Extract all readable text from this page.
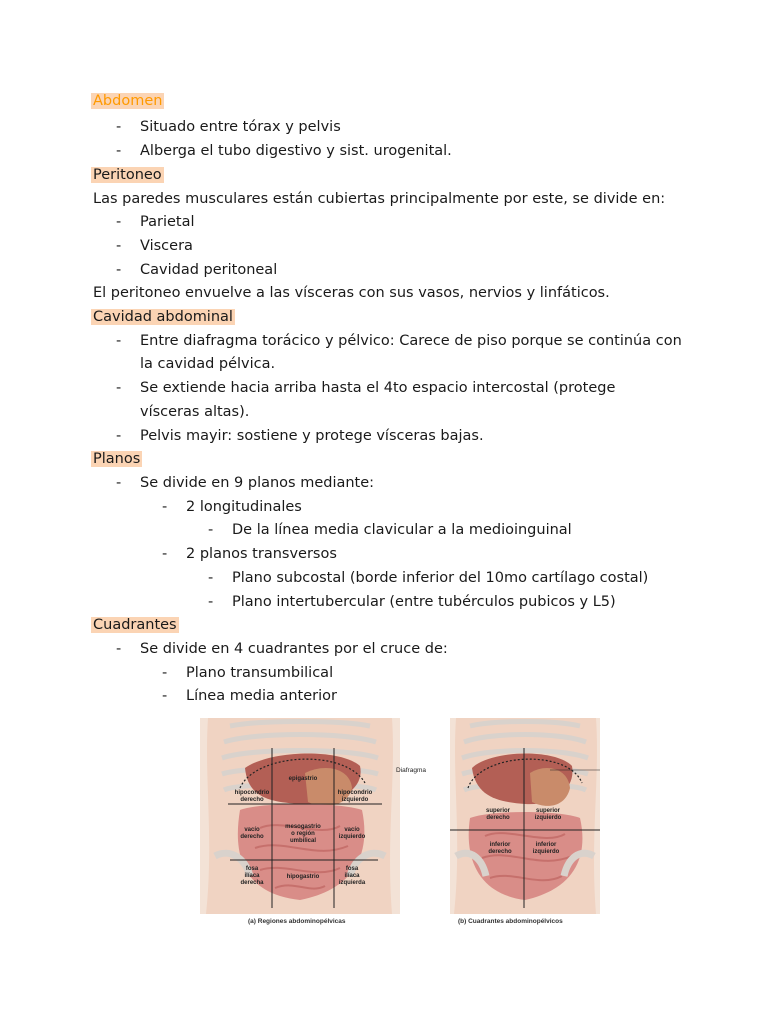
Abdomen
- Situado entre tórax y pelvis
- Alberga el tubo digestivo y sist. urogenital.
Peritoneo
Las paredes musculares están cubiertas principalmente por este, se divide en:
- Parietal
- Viscera
- Cavidad peritoneal
El peritoneo envuelve a las vísceras con sus vasos, nervios y linfáticos.
Cavidad abdominal
- Entre diafragma torácico y pélvico: Carece de piso porque se continúa con
la cavidad pélvica.
- Se extiende hacia arriba hasta el 4to espacio intercostal (protege
vísceras altas).
- Pelvis mayir: sostiene y protege vísceras bajas.
Planos
- Se divide en 9 planos mediante:
- 2 longitudinales
- De la línea media clavicular a la medioinguinal
- 2 planos transversos
- Plano subcostal (borde inferior del 10mo cartílago costal)
- Plano intertubercular (entre tubérculos pubicos y L5)
Cuadrantes
- Se divide en 4 cuadrantes por el cruce de:
- Plano transumbilical
- Línea media anterior
epigastrio
hipocondrio
derecho
hipocondrio
izquierdo
vacío
derecho
mesogastrio
o región
umbilical
vacío
izquierdo
fosa
ilíaca
derecha
hipogastrio
fosa
ilíaca
izquierda
(a) Regiones abdominopélvicas
superior
derecho
superior
izquierdo
inferior
derecho
inferior
izquierdo
(b) Cuadrantes abdominopélvicos
Diafragma
